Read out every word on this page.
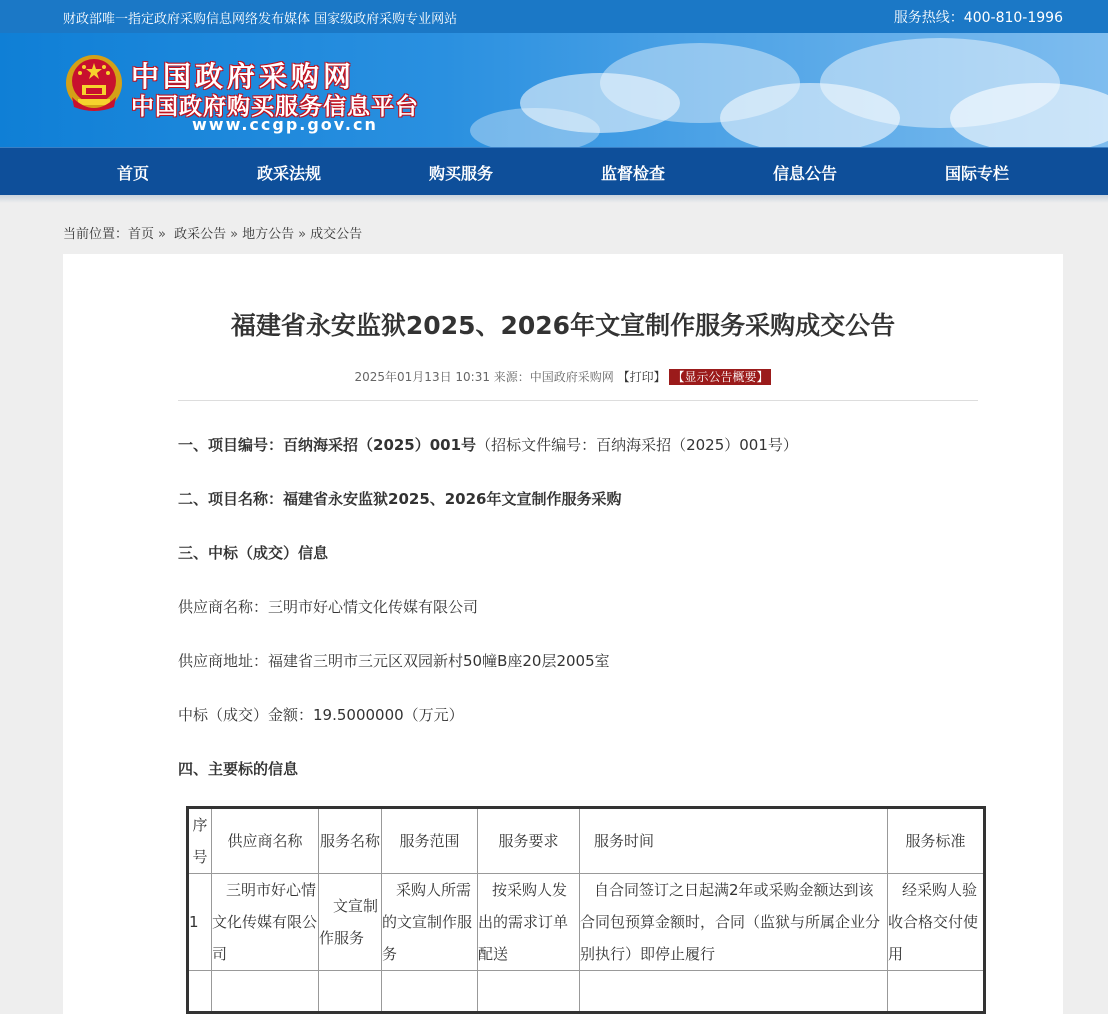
财政部唯一指定政府采购信息网络发布媒体 国家级政府采购专业网站	服务热线：400-810-1996
中国政府采购网
中国政府购买服务信息平台
www.ccgp.gov.cn
首页	政采法规	购买服务	监督检查	信息公告	国际专栏
当前位置：首页 » 政采公告 » 地方公告 » 成交公告
福建省永安监狱2025、2026年文宣制作服务采购成交公告
2025年01月13日 10:31 来源：中国政府采购网 【打印】 【显示公告概要】
一、项目编号：百纳海采招（2025）001号（招标文件编号：百纳海采招（2025）001号）
二、项目名称：福建省永安监狱2025、2026年文宣制作服务采购
三、中标（成交）信息
供应商名称：三明市好心情文化传媒有限公司
供应商地址：福建省三明市三元区双园新村50幢B座20层2005室
中标（成交）金额：19.5000000（万元）
四、主要标的信息
序号	供应商名称	服务名称	服务范围	服务要求	服务时间	服务标准
1	三明市好心情文化传媒有限公司	文宣制作服务	采购人所需的文宣制作服务	按采购人发出的需求订单配送	自合同签订之日起满2年或采购金额达到该合同包预算金额时，合同（监狱与所属企业分别执行）即停止履行	经采购人验收合格交付使用
